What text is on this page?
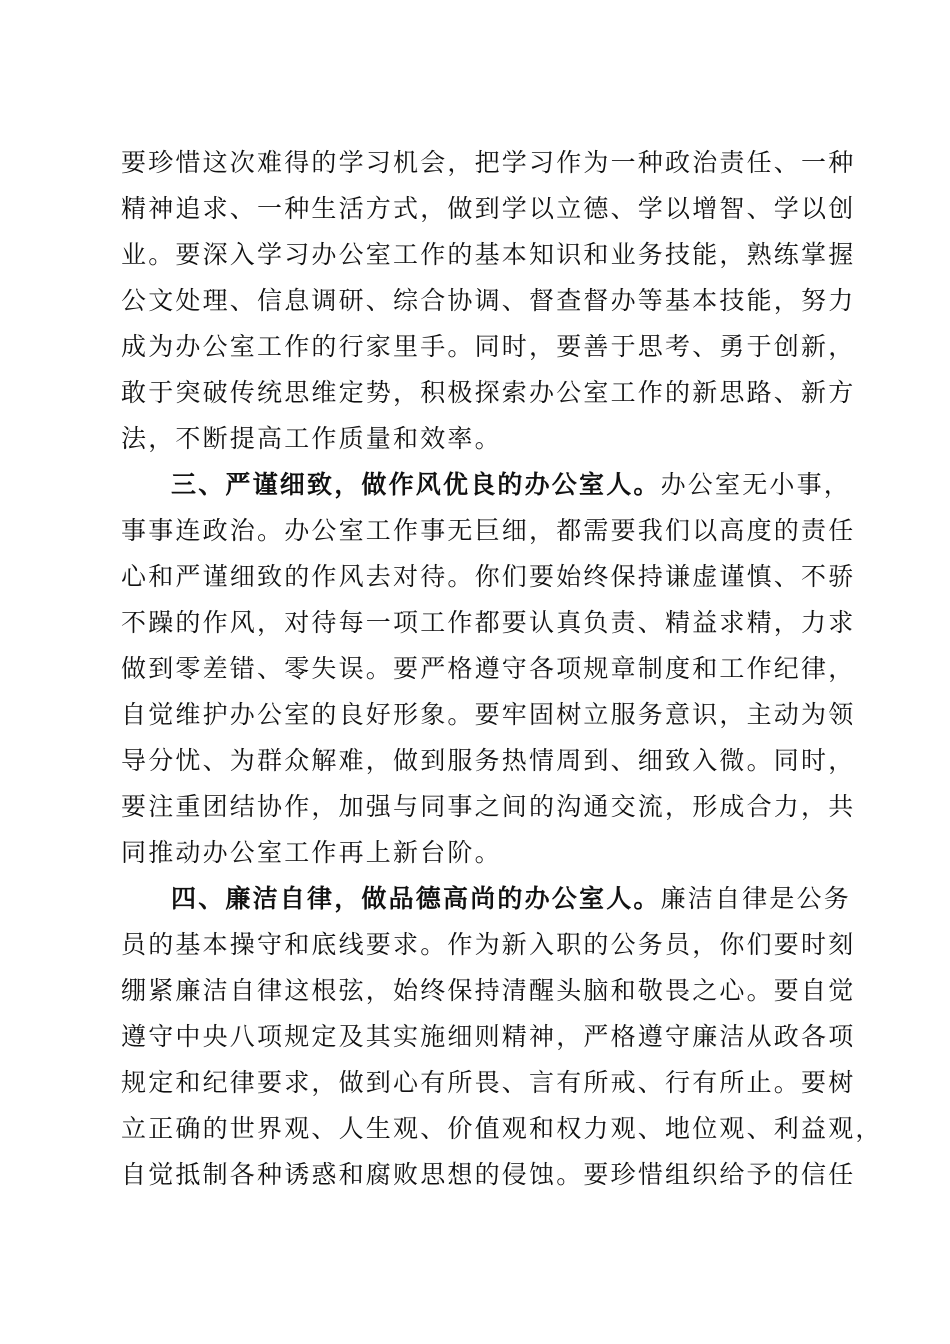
要珍惜这次难得的学习机会，把学习作为一种政治责任、一种
精神追求、一种生活方式，做到学以立德、学以增智、学以创
业。要深入学习办公室工作的基本知识和业务技能，熟练掌握
公文处理、信息调研、综合协调、督查督办等基本技能，努力
成为办公室工作的行家里手。同时，要善于思考、勇于创新，
敢于突破传统思维定势，积极探索办公室工作的新思路、新方
法，不断提高工作质量和效率。
三、严谨细致，做作风优良的办公室人。办公室无小事，
事事连政治。办公室工作事无巨细，都需要我们以高度的责任
心和严谨细致的作风去对待。你们要始终保持谦虚谨慎、不骄
不躁的作风，对待每一项工作都要认真负责、精益求精，力求
做到零差错、零失误。要严格遵守各项规章制度和工作纪律，
自觉维护办公室的良好形象。要牢固树立服务意识，主动为领
导分忧、为群众解难，做到服务热情周到、细致入微。同时，
要注重团结协作，加强与同事之间的沟通交流，形成合力，共
同推动办公室工作再上新台阶。
四、廉洁自律，做品德高尚的办公室人。廉洁自律是公务
员的基本操守和底线要求。作为新入职的公务员，你们要时刻
绷紧廉洁自律这根弦，始终保持清醒头脑和敬畏之心。要自觉
遵守中央八项规定及其实施细则精神，严格遵守廉洁从政各项
规定和纪律要求，做到心有所畏、言有所戒、行有所止。要树
立正确的世界观、人生观、价值观和权力观、地位观、利益观，
自觉抵制各种诱惑和腐败思想的侵蚀。要珍惜组织给予的信任
